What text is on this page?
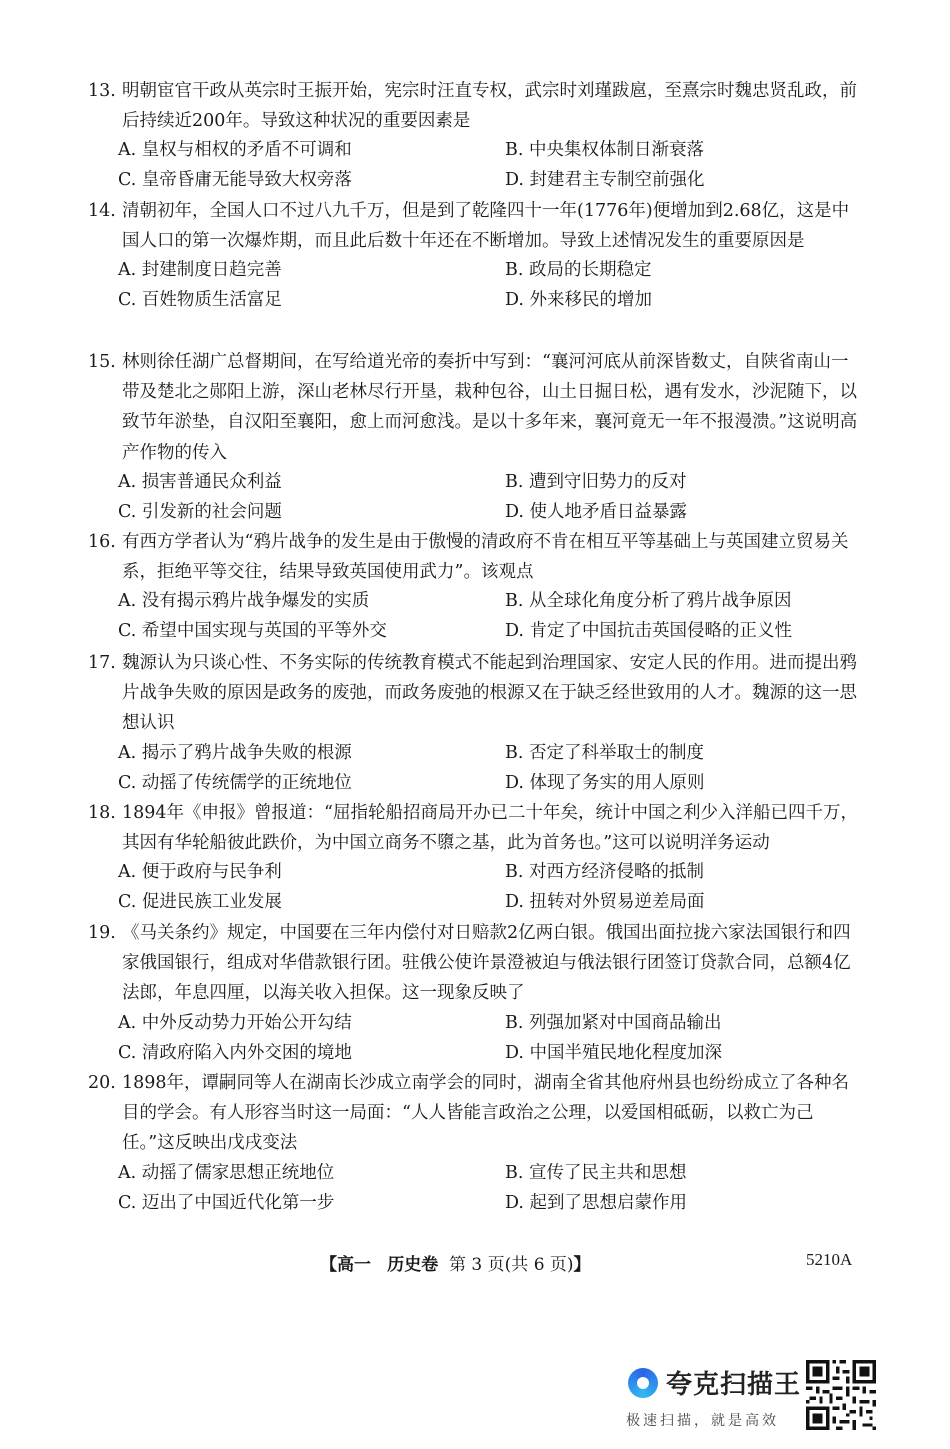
13. 明朝宦官干政从英宗时王振开始，宪宗时汪直专权，武宗时刘瑾跋扈，至熹宗时魏忠贤乱政，前后持续近200年。导致这种状况的重要因素是
A. 皇权与相权的矛盾不可调和	B. 中央集权体制日渐衰落
C. 皇帝昏庸无能导致大权旁落	D. 封建君主专制空前强化
14. 清朝初年，全国人口不过八九千万，但是到了乾隆四十一年(1776年)便增加到2.68亿，这是中国人口的第一次爆炸期，而且此后数十年还在不断增加。导致上述情况发生的重要原因是
A. 封建制度日趋完善	B. 政局的长期稳定
C. 百姓物质生活富足	D. 外来移民的增加
15. 林则徐任湖广总督期间，在写给道光帝的奏折中写到：“襄河河底从前深皆数丈，自陕省南山一带及楚北之郧阳上游，深山老林尽行开垦，栽种包谷，山土日掘日松，遇有发水，沙泥随下，以致节年淤垫，自汉阳至襄阳，愈上而河愈浅。是以十多年来，襄河竟无一年不报漫溃。”这说明高产作物的传入
A. 损害普通民众利益	B. 遭到守旧势力的反对
C. 引发新的社会问题	D. 使人地矛盾日益暴露
16. 有西方学者认为“鸦片战争的发生是由于傲慢的清政府不肯在相互平等基础上与英国建立贸易关系，拒绝平等交往，结果导致英国使用武力”。该观点
A. 没有揭示鸦片战争爆发的实质	B. 从全球化角度分析了鸦片战争原因
C. 希望中国实现与英国的平等外交	D. 肯定了中国抗击英国侵略的正义性
17. 魏源认为只谈心性、不务实际的传统教育模式不能起到治理国家、安定人民的作用。进而提出鸦片战争失败的原因是政务的废弛，而政务废弛的根源又在于缺乏经世致用的人才。魏源的这一思想认识
A. 揭示了鸦片战争失败的根源	B. 否定了科举取士的制度
C. 动摇了传统儒学的正统地位	D. 体现了务实的用人原则
18. 1894年《申报》曾报道：“屈指轮船招商局开办已二十年矣，统计中国之利少入洋船已四千万，其因有华轮船彼此跌价，为中国立商务不隳之基，此为首务也。”这可以说明洋务运动
A. 便于政府与民争利	B. 对西方经济侵略的抵制
C. 促进民族工业发展	D. 扭转对外贸易逆差局面
19. 《马关条约》规定，中国要在三年内偿付对日赔款2亿两白银。俄国出面拉拢六家法国银行和四家俄国银行，组成对华借款银行团。驻俄公使许景澄被迫与俄法银行团签订贷款合同，总额4亿法郎，年息四厘，以海关收入担保。这一现象反映了
A. 中外反动势力开始公开勾结	B. 列强加紧对中国商品输出
C. 清政府陷入内外交困的境地	D. 中国半殖民地化程度加深
20. 1898年，谭嗣同等人在湖南长沙成立南学会的同时，湖南全省其他府州县也纷纷成立了各种名目的学会。有人形容当时这一局面：“人人皆能言政治之公理，以爱国相砥砺，以救亡为己任。”这反映出戊戌变法
A. 动摇了儒家思想正统地位	B. 宣传了民主共和思想
C. 迈出了中国近代化第一步	D. 起到了思想启蒙作用
【高一 历史卷 第 3 页(共 6 页)】	5210A
夸克扫描王
极速扫描，就是高效
